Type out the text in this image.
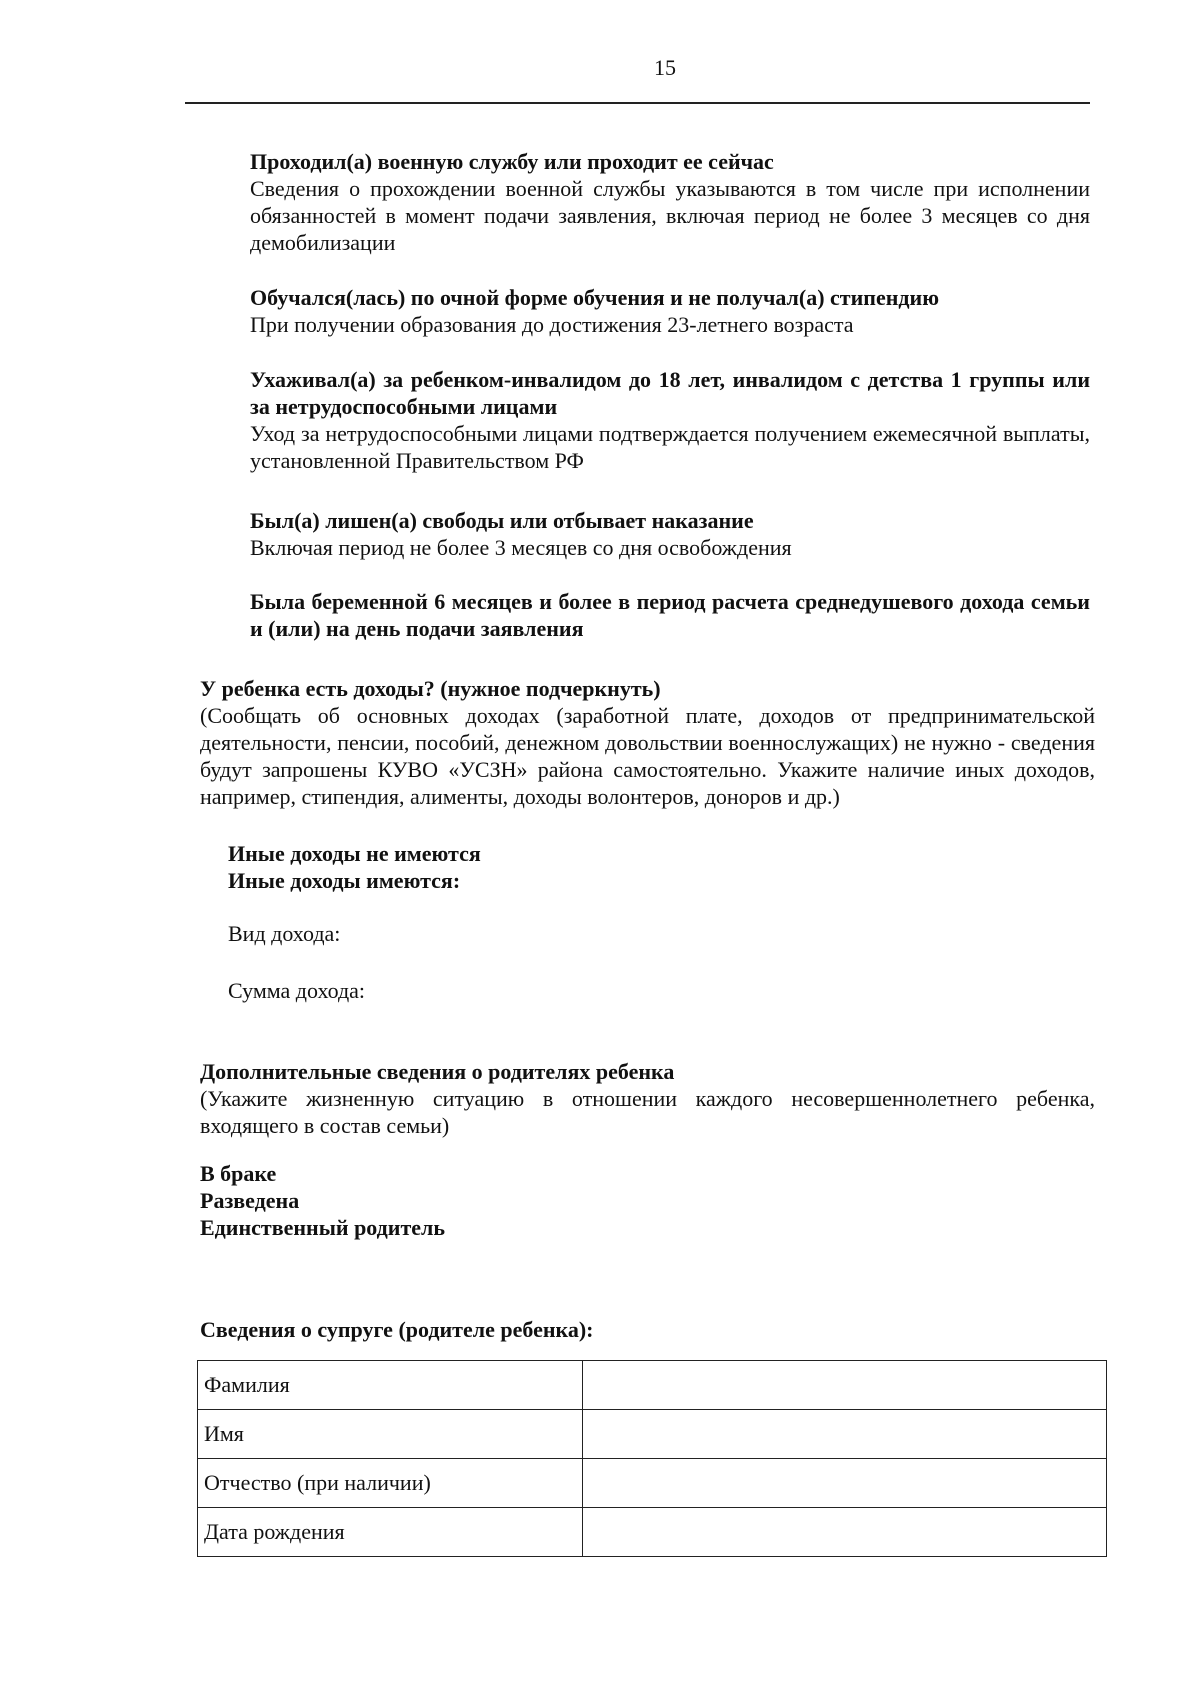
15
Проходил(а) военную службу или проходит ее сейчас
Сведения о прохождении военной службы указываются в том числе при исполнении обязанностей в момент подачи заявления, включая период не более 3 месяцев со дня демобилизации
Обучался(лась) по очной форме обучения и не получал(а) стипендию
При получении образования до достижения 23-летнего возраста
Ухаживал(а) за ребенком-инвалидом до 18 лет, инвалидом с детства 1 группы или за нетрудоспособными лицами
Уход за нетрудоспособными лицами подтверждается получением ежемесячной выплаты, установленной Правительством РФ
Был(а) лишен(а) свободы или отбывает наказание
Включая период не более 3 месяцев со дня освобождения
Была беременной 6 месяцев и более в период расчета среднедушевого дохода семьи и (или) на день подачи заявления
У ребенка есть доходы? (нужное подчеркнуть)
(Сообщать об основных доходах (заработной плате, доходов от предпринимательской деятельности, пенсии, пособий, денежном довольствии военнослужащих) не нужно - сведения будут запрошены КУВО «УСЗН» района самостоятельно. Укажите наличие иных доходов, например, стипендия, алименты, доходы волонтеров, доноров и др.)
Иные доходы не имеются
Иные доходы имеются:
Вид дохода:
Сумма дохода:
Дополнительные сведения о родителях ребенка
(Укажите жизненную ситуацию в отношении каждого несовершеннолетнего ребенка, входящего в состав семьи)
В браке
Разведена
Единственный родитель
Сведения о супруге (родителе ребенка):
Фамилия	
Имя	
Отчество (при наличии)	
Дата рождения	
